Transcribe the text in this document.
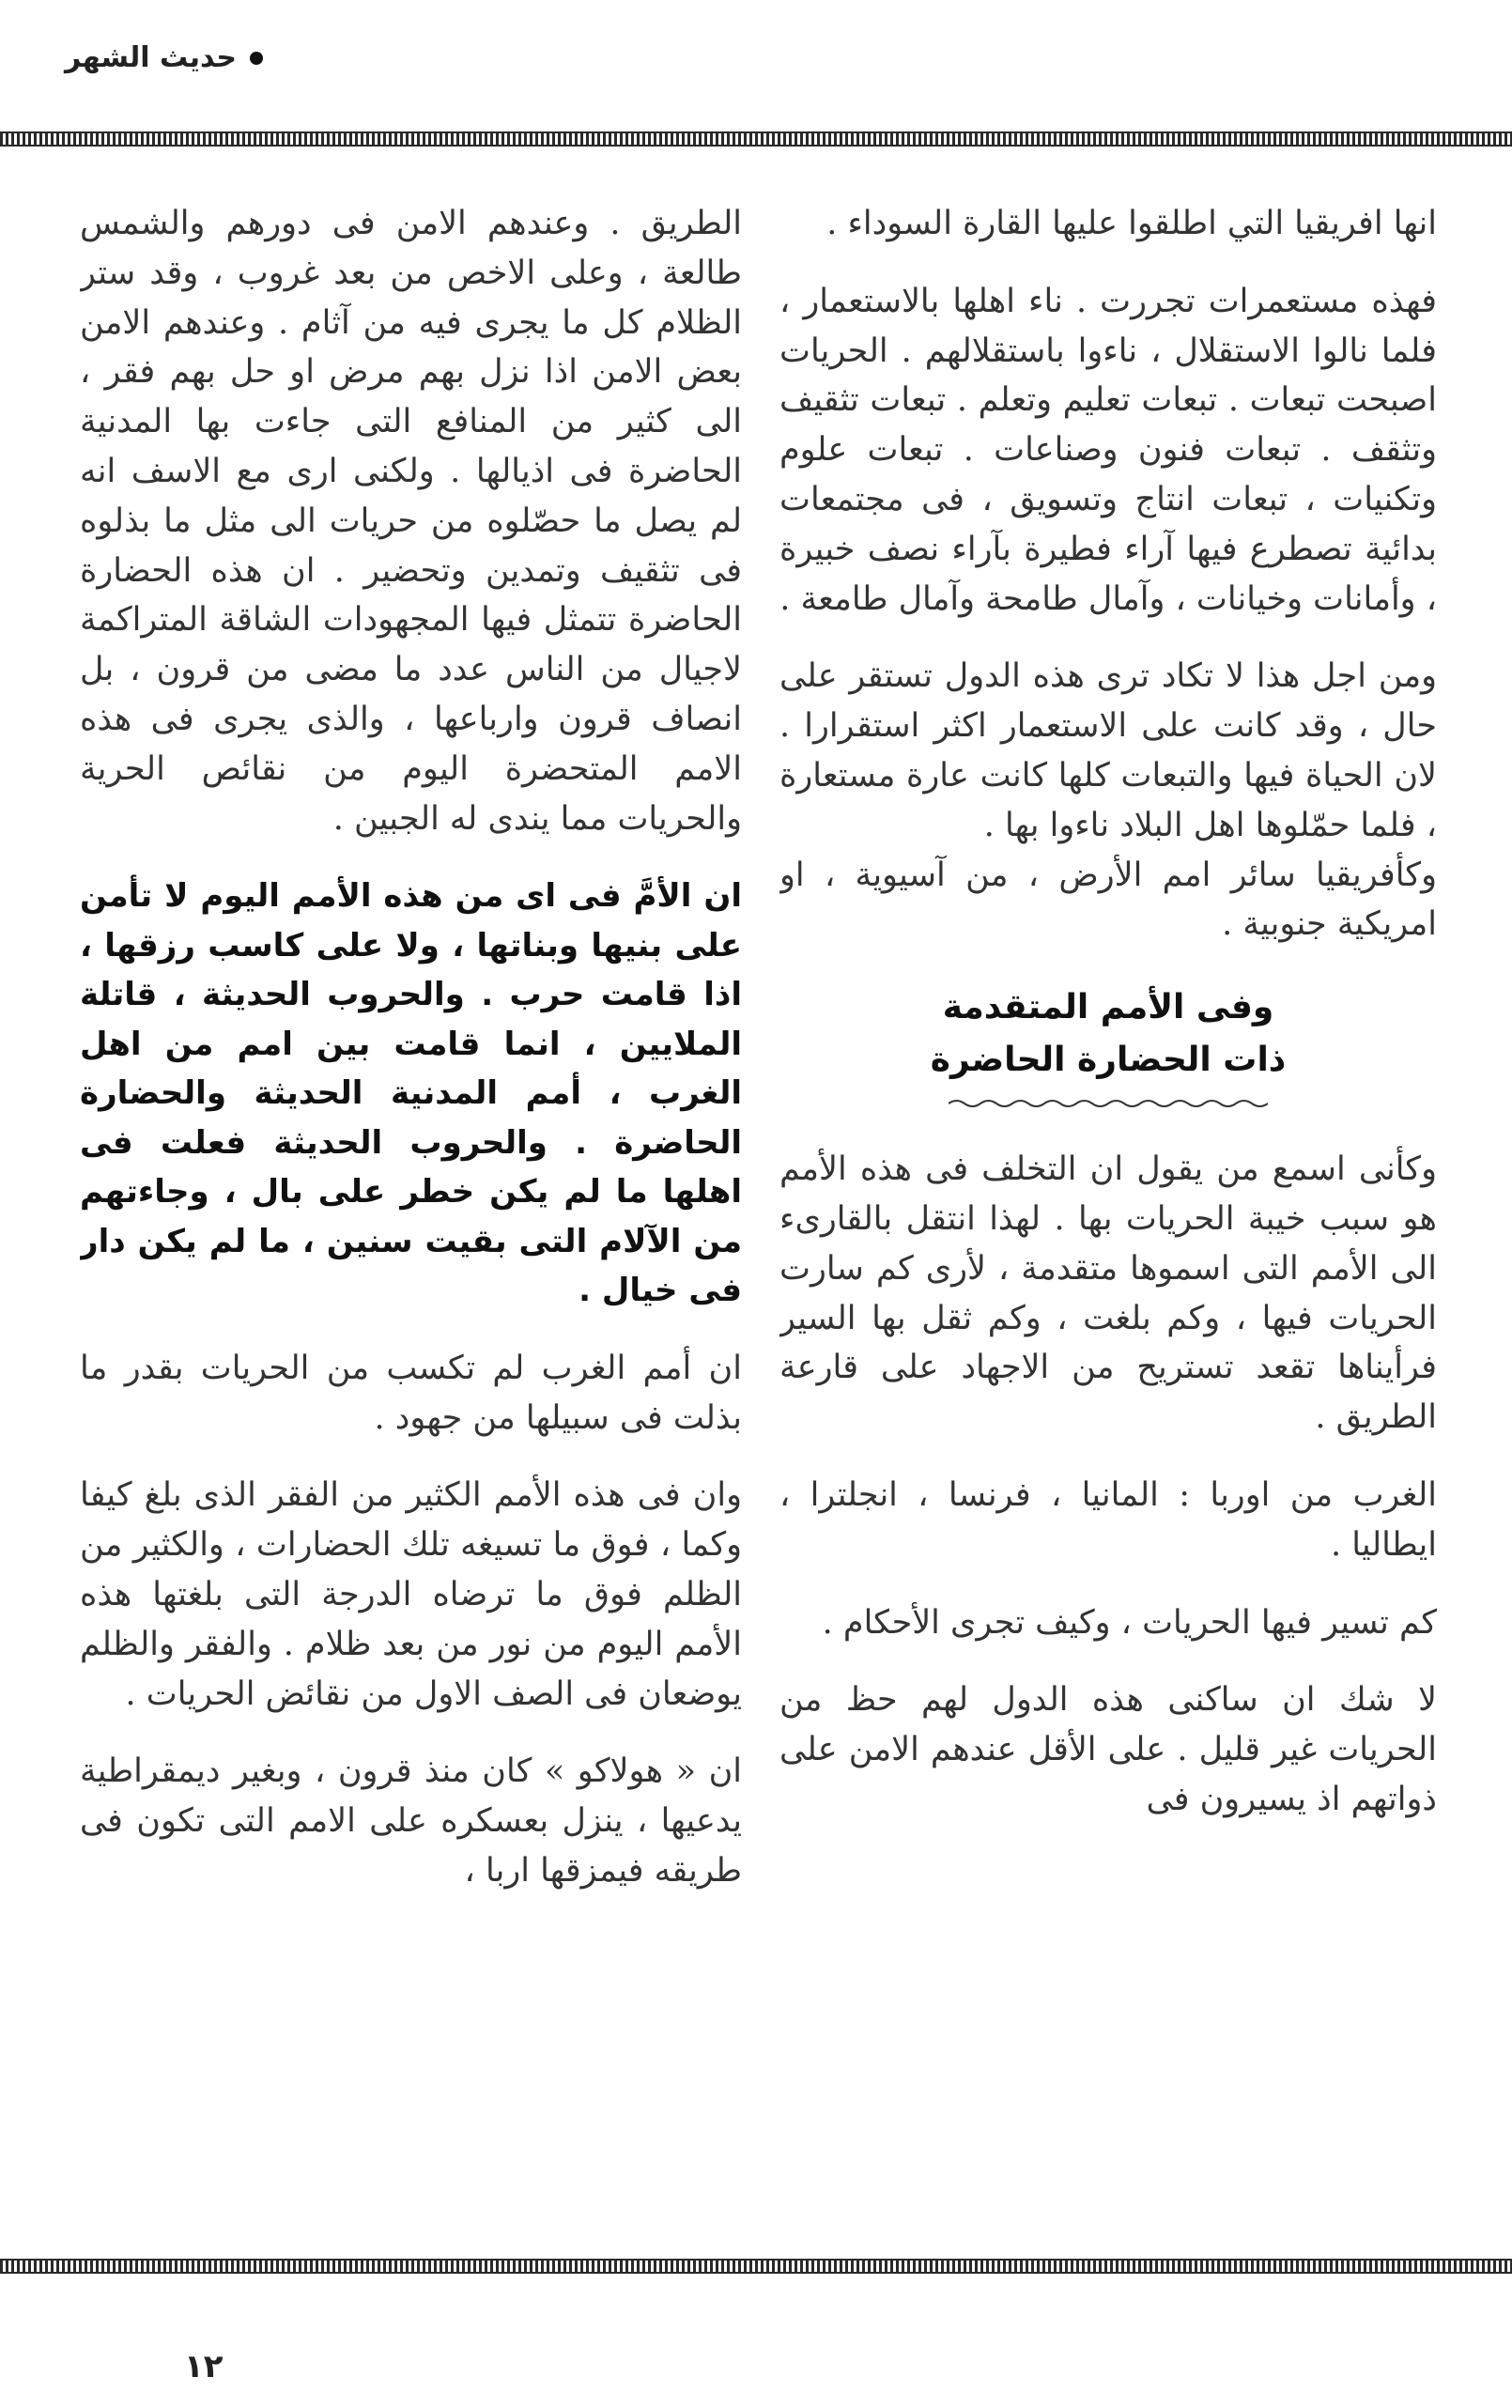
حديث الشهر

انها افريقيا التي اطلقوا عليها القارة السوداء .

فهذه مستعمرات تجررت . ناء اهلها بالاستعمار ، فلما نالوا الاستقلال ، ناءوا باستقلالهم . الحريات اصبحت تبعات . تبعات تعليم وتعلم . تبعات تثقيف وتثقف . تبعات فنون وصناعات . تبعات علوم وتكنيات ، تبعات انتاج وتسويق ، فى مجتمعات بدائية تصطرع فيها آراء فطيرة بآراء نصف خبيرة ، وأمانات وخيانات ، وآمال طامحة وآمال طامعة .

ومن اجل هذا لا تكاد ترى هذه الدول تستقر على حال ، وقد كانت على الاستعمار اكثر استقرارا . لان الحياة فيها والتبعات كلها كانت عارة مستعارة ، فلما حمّلوها اهل البلاد ناءوا بها .

وكأفريقيا سائر امم الأرض ، من آسيوية ، او امريكية جنوبية .

وفى الأمم المتقدمة
ذات الحضارة الحاضرة

وكأنى اسمع من يقول ان التخلف فى هذه الأمم هو سبب خيبة الحريات بها . لهذا انتقل بالقارىء الى الأمم التى اسموها متقدمة ، لأرى كم سارت الحريات فيها ، وكم بلغت ، وكم ثقل بها السير فرأيناها تقعد تستريح من الاجهاد على قارعة الطريق .

الغرب من اوربا : المانيا ، فرنسا ، انجلترا ، ايطاليا .

كم تسير فيها الحريات ، وكيف تجرى الأحكام .

لا شك ان ساكنى هذه الدول لهم حظ من الحريات غير قليل . على الأقل عندهم الامن على ذواتهم اذ يسيرون فى

الطريق . وعندهم الامن فى دورهم والشمس طالعة ، وعلى الاخص من بعد غروب ، وقد ستر الظلام كل ما يجرى فيه من آثام . وعندهم الامن بعض الامن اذا نزل بهم مرض او حل بهم فقر ، الى كثير من المنافع التى جاءت بها المدنية الحاضرة فى اذيالها . ولكنى ارى مع الاسف انه لم يصل ما حصّلوه من حريات الى مثل ما بذلوه فى تثقيف وتمدين وتحضير . ان هذه الحضارة الحاضرة تتمثل فيها المجهودات الشاقة المتراكمة لاجيال من الناس عدد ما مضى من قرون ، بل انصاف قرون وارباعها ، والذى يجرى فى هذه الامم المتحضرة اليوم من نقائص الحرية والحريات مما يندى له الجبين .

ان الأمَّ فى اى من هذه الأمم اليوم لا تأمن على بنيها وبناتها ، ولا على كاسب رزقها ، اذا قامت حرب . والحروب الحديثة ، قاتلة الملايين ، انما قامت بين امم من اهل الغرب ، أمم المدنية الحديثة والحضارة الحاضرة . والحروب الحديثة فعلت فى اهلها ما لم يكن خطر على بال ، وجاءتهم من الآلام التى بقيت سنين ، ما لم يكن دار فى خيال .

ان أمم الغرب لم تكسب من الحريات بقدر ما بذلت فى سبيلها من جهود .

وان فى هذه الأمم الكثير من الفقر الذى بلغ كيفا وكما ، فوق ما تسيغه تلك الحضارات ، والكثير من الظلم فوق ما ترضاه الدرجة التى بلغتها هذه الأمم اليوم من نور من بعد ظلام . والفقر والظلم يوضعان فى الصف الاول من نقائض الحريات .

ان « هولاكو » كان منذ قرون ، وبغير ديمقراطية يدعيها ، ينزل بعسكره على الامم التى تكون فى طريقه فيمزقها اربا ،

١٢
